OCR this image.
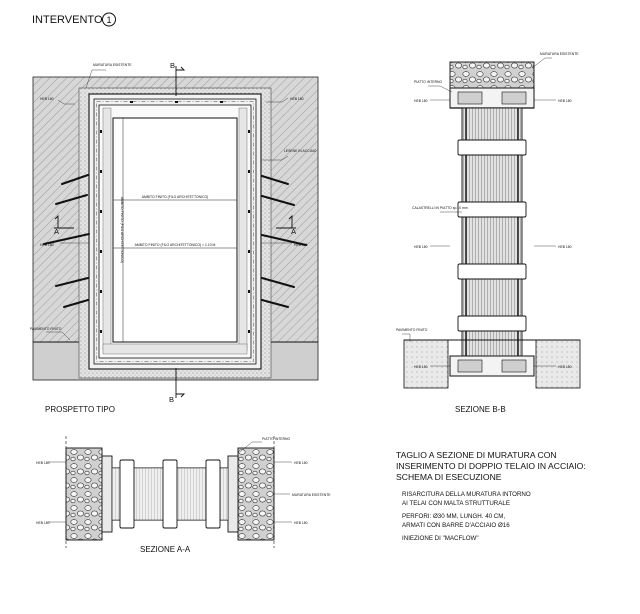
INTERVENTO 1
AMBITO FINITO (FILO ARCHITETTONICO)
AMBITO FINITO (FILO ARCHITETTONICO) = 1.10 M
AMBITO FINITO (FILO ARCHITETTONICO)
B
B
A	A
MURATURA ESISTENTE
HEB 180
HEB 180
LESENE IN ACCIAIO
HEB 180
HEB 180
PAVIMENTO FINITO
PROSPETTO TIPO
MURATURA ESISTENTE
PIATTO INTERNO
HEB 180	HEB 180
CALASTRELLI IN PIATTO sp.10 mm
HEB 180	HEB 180
PAVIMENTO FINITO
HEB 180	HEB 180
SEZIONE B-B
HEB 180
HEB 180
PIATTO INTERNO
HEB 180
MURATURA ESISTENTE
HEB 180
SEZIONE A-A
TAGLIO A SEZIONE DI MURATURA CON
INSERIMENTO DI DOPPIO TELAIO IN ACCIAIO:
SCHEMA DI ESECUZIONE
RISARCITURA DELLA MURATURA INTORNO
AI TELAI CON MALTA STRUTTURALE
PERFORI: Ø30 MM, LUNGH. 40 CM,
ARMATI CON BARRE D'ACCIAIO Ø16
INIEZIONE DI "MACFLOW"
